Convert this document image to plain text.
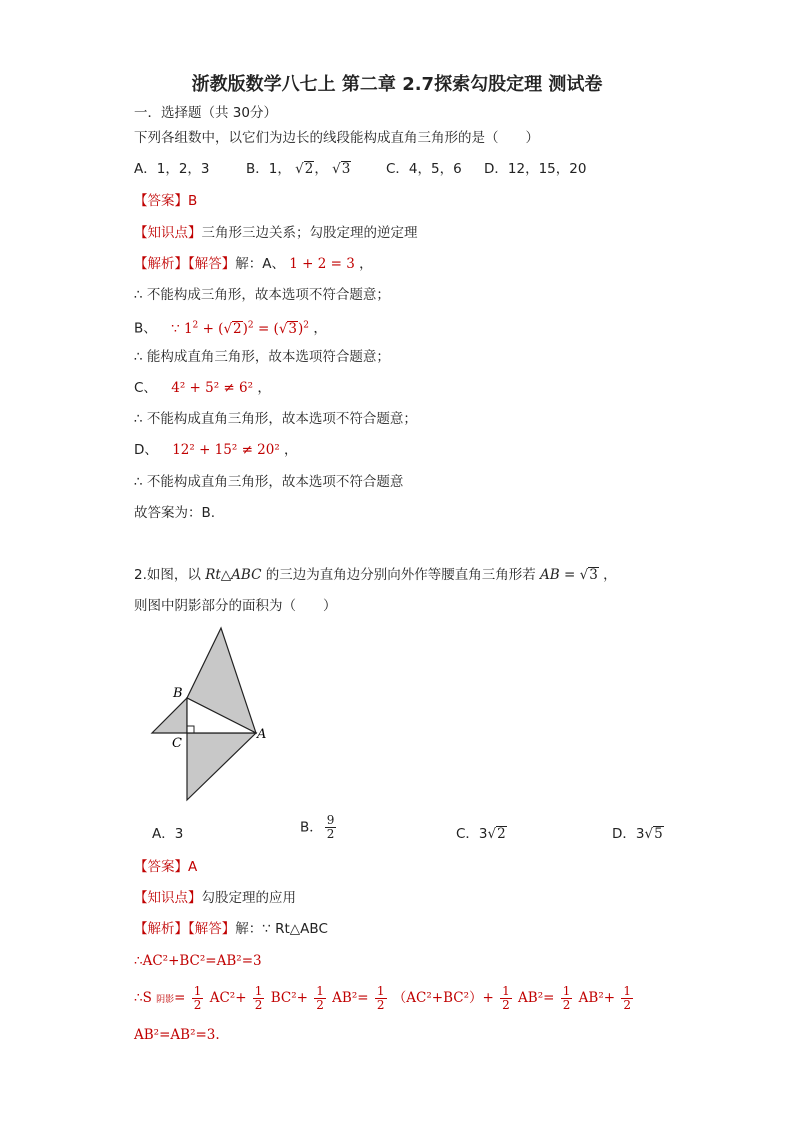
浙教版数学八七上 第二章 2.7探索勾股定理 测试卷
一．选择题（共 30分）
下列各组数中，以它们为边长的线段能构成直角三角形的是（　　）
A．1，2，3	B．1， √2， √3	C．4，5，6 D．12，15，20
【答案】B
【知识点】三角形三边关系；勾股定理的逆定理
【解析】【解答】解：A、 1 + 2 = 3 ，
∴ 不能构成三角形，故本选项不符合题意；
B、 ∵ $1^2 + (√2)^2 = (√3)^2$ ，
∴ 能构成直角三角形，故本选项符合题意；
C、 4² + 5² ≠ 6² ，
∴ 不能构成直角三角形，故本选项不符合题意；
D、 12² + 15² ≠ 20² ，
∴ 不能构成直角三角形，故本选项不符合题意
故答案为：B.
2.如图，以 Rt△ABC 的三边为直角边分别向外作等腰直角三角形若 AB = √3 ，
则图中阴影部分的面积为（　　）
B
C
A
A．3	B． $\frac{9}{2}$	C．3√2	D．3√5
【答案】A
【知识点】勾股定理的应用
【解析】【解答】解：∵ Rt△ABC
∴AC²+BC²=AB²=3
∴S 阴影= $\frac{1}{2} AC^2+ \frac{1}{2} BC^2+ \frac{1}{2} AB^2= \frac{1}{2} (AC^2+BC^2)+ \frac{1}{2} AB^2= \frac{1}{2} AB^2+ \frac{1}{2}$
AB²=AB²=3.
